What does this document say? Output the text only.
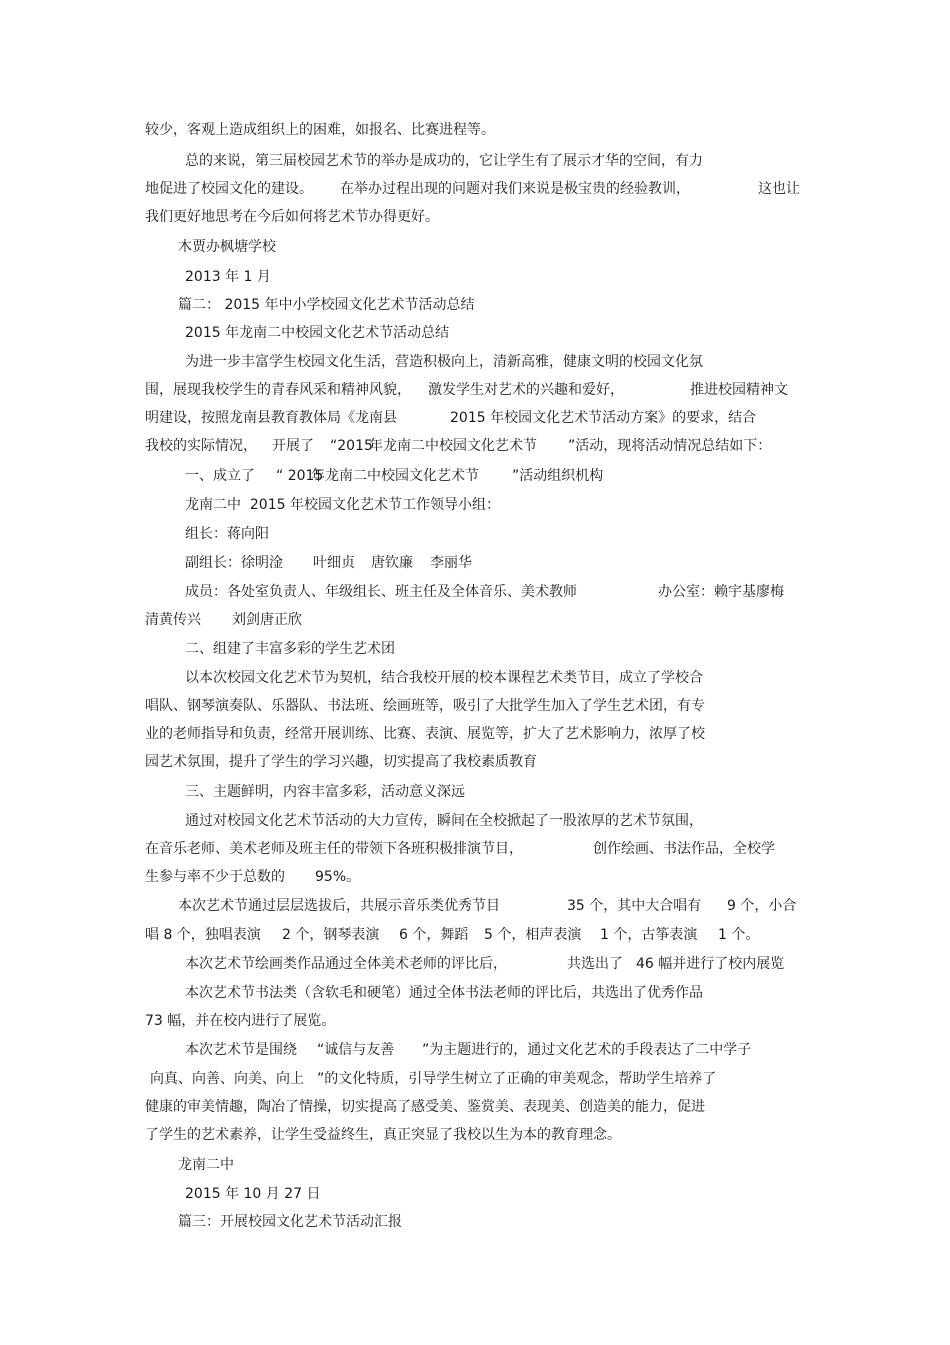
较少，客观上造成组织上的困难，如报名、比赛进程等。
总的来说，第三届校园艺术节的举办是成功的，它让学生有了展示才华的空间，有力
地促进了校园文化的建设。 在举办过程出现的问题对我们来说是极宝贵的经验教训，	这也让
我们更好地思考在今后如何将艺术节办得更好。
木贾办枫塘学校
2013 年 1 月
篇二： 2015 年中小学校园文化艺术节活动总结
2015 年龙南二中校园文化艺术节活动总结
为进一步丰富学生校园文化生活，营造积极向上，清新高雅，健康文明的校园文化氛
围，展现我校学生的青春风采和精神风貌， 激发学生对艺术的兴趣和爱好，	推进校园精神文
明建设，按照龙南县教育教体局《龙南县	2015 年校园文化艺术节活动方案》的要求，结合
我校的实际情况， 开展了 “2015
年龙南二中校园文化艺术节 ”活动，现将活动情况总结如下：
一、成立了 “ 2015
年龙南二中校园文化艺术节 ”活动组织机构
龙南二中  2015 年校园文化艺术节工作领导小组：
组长：蒋向阳
副组长：徐明淦 叶细贞 唐钦廉 李丽华
成员：各处室负责人、年级组长、班主任及全体音乐、美术教师	办公室：赖宇基廖梅
清黄传兴 刘剑唐正欣
二、组建了丰富多彩的学生艺术团
以本次校园文化艺术节为契机，结合我校开展的校本课程艺术类节目，成立了学校合
唱队、钢琴演奏队、乐器队、书法班、绘画班等，吸引了大批学生加入了学生艺术团，有专
业的老师指导和负责，经常开展训练、比赛、表演、展览等，扩大了艺术影响力，浓厚了校
园艺术氛围，提升了学生的学习兴趣，切实提高了我校素质教育
三、主题鲜明，内容丰富多彩，活动意义深远
通过对校园文化艺术节活动的大力宣传，瞬间在全校掀起了一股浓厚的艺术节氛围，
在音乐老师、美术老师及班主任的带领下各班积极排演节目，	创作绘画、书法作品，全校学
生参与率不少于总数的 95%。
本次艺术节通过层层选拔后，共展示音乐类优秀节目	35 个，其中大合唱有 9 个，小合
唱 8 个，独唱表演 2 个，钢琴表演 6 个，舞蹈 5 个，相声表演 1 个，古筝表演 1 个。
本次艺术节绘画类作品通过全体美术老师的评比后，	共选出了 46 幅并进行了校内展览
本次艺术节书法类（含软毛和硬笔）通过全体书法老师的评比后，共选出了优秀作品
73 幅，并在校内进行了展览。
本次艺术节是围绕 “诚信与友善 ”为主题进行的，通过文化艺术的手段表达了二中学子
向真、向善、向美、向上 ”的文化特质，引导学生树立了正确的审美观念，帮助学生培养了
健康的审美情趣，陶冶了情操，切实提高了感受美、鉴赏美、表现美、创造美的能力，促进
了学生的艺术素养，让学生受益终生，真正突显了我校以生为本的教育理念。
龙南二中
2015 年 10 月 27 日
篇三：开展校园文化艺术节活动汇报
